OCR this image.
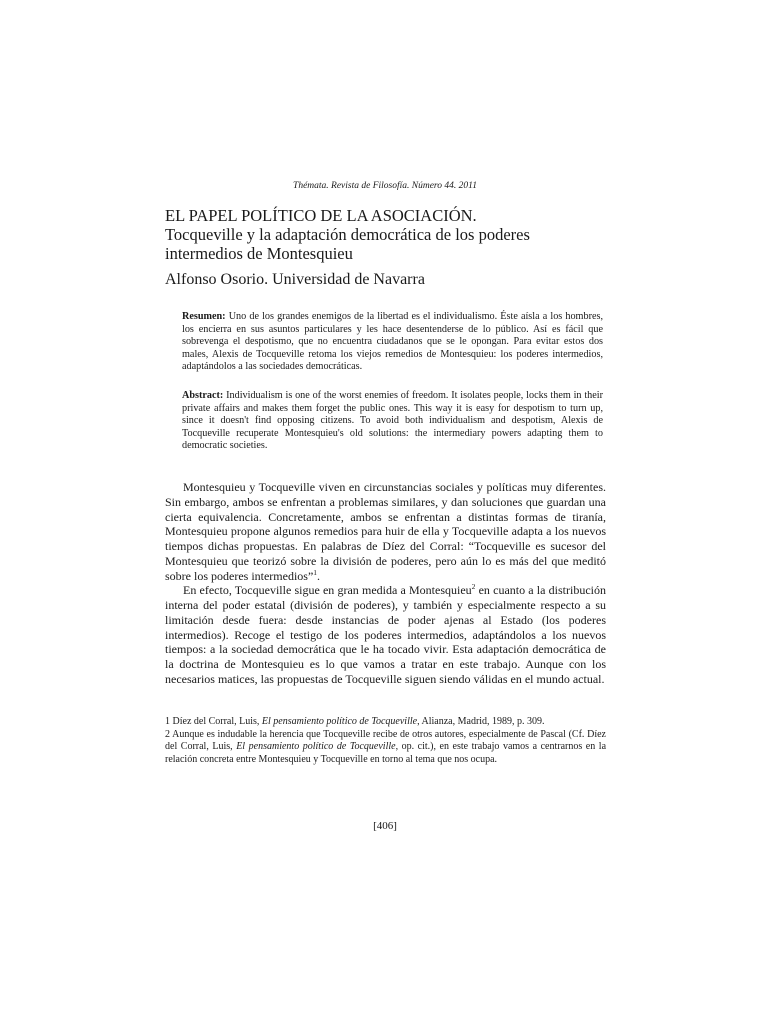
Thémata. Revista de Filosofía. Número 44. 2011
EL PAPEL POLÍTICO DE LA ASOCIACIÓN.
Tocqueville y la adaptación democrática de los poderes
intermedios de Montesquieu
Alfonso Osorio. Universidad de Navarra
Resumen: Uno de los grandes enemigos de la libertad es el individualismo. Éste aísla a los hombres, los encierra en sus asuntos particulares y les hace desentenderse de lo público. Así es fácil que sobrevenga el despotismo, que no encuentra ciudadanos que se le opongan. Para evitar estos dos males, Alexis de Tocqueville retoma los viejos remedios de Montesquieu: los poderes intermedios, adaptándolos a las sociedades democráticas.
Abstract: Individualism is one of the worst enemies of freedom. It isolates people, locks them in their private affairs and makes them forget the public ones. This way it is easy for despotism to turn up, since it doesn't find opposing citizens. To avoid both individualism and despotism, Alexis de Tocqueville recuperate Montesquieu's old solutions: the intermediary powers adapting them to democratic societies.

Montesquieu y Tocqueville viven en circunstancias sociales y políticas muy diferentes. Sin embargo, ambos se enfrentan a problemas similares, y dan soluciones que guardan una cierta equivalencia. Concretamente, ambos se enfrentan a distintas formas de tiranía, Montesquieu propone algunos remedios para huir de ella y Tocqueville adapta a los nuevos tiempos dichas propuestas. En palabras de Díez del Corral: “Tocqueville es sucesor del Montesquieu que teorizó sobre la división de poderes, pero aún lo es más del que meditó sobre los poderes intermedios”$^1$.

En efecto, Tocqueville sigue en gran medida a Montesquieu$^2$ en cuanto a la distribución interna del poder estatal (división de poderes), y también y especialmente respecto a su limitación desde fuera: desde instancias de poder ajenas al Estado (los poderes intermedios). Recoge el testigo de los poderes intermedios, adaptándolos a los nuevos tiempos: a la sociedad democrática que le ha tocado vivir. Esta adaptación democrática de la doctrina de Montesquieu es lo que vamos a tratar en este trabajo. Aunque con los necesarios matices, las propuestas de Tocqueville siguen siendo válidas en el mundo actual.

1 Díez del Corral, Luis, El pensamiento político de Tocqueville, Alianza, Madrid, 1989, p. 309.

2 Aunque es indudable la herencia que Tocqueville recibe de otros autores, especialmente de Pascal (Cf. Díez del Corral, Luis, El pensamiento político de Tocqueville, op. cit.), en este trabajo vamos a centrarnos en la relación concreta entre Montesquieu y Tocqueville en torno al tema que nos ocupa.

[406]
